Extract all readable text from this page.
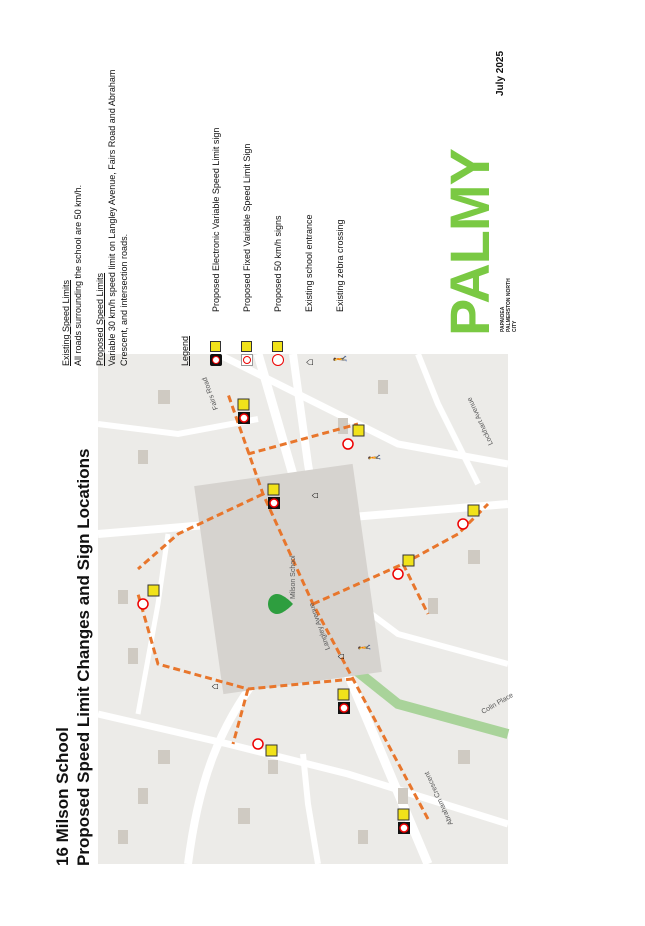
16 Milson School Proposed Speed Limit Changes and Sign Locations	⌂
⌂
⌂
🚶
🚶
Abraham Crescent
Langley Avenue
Milson School
Fairs Road
Lockhart Avenue
Colin Place

Existing Speed Limits All roads surrounding the school are 50 km/h. Proposed Speed Limits Variable 30 km/h speed limit on Langley Avenue, Fairs Road and Abraham Crescent, and intersection roads.	Legend
Proposed Electronic Variable Speed Limit sign Proposed Fixed Variable Speed Limit Sign Proposed 50 km/h signs
⌂
Existing school entrance
🚶
Existing zebra crossing PALMY PAPAIOEA PALMERSTON NORTH CITY
July 2025
